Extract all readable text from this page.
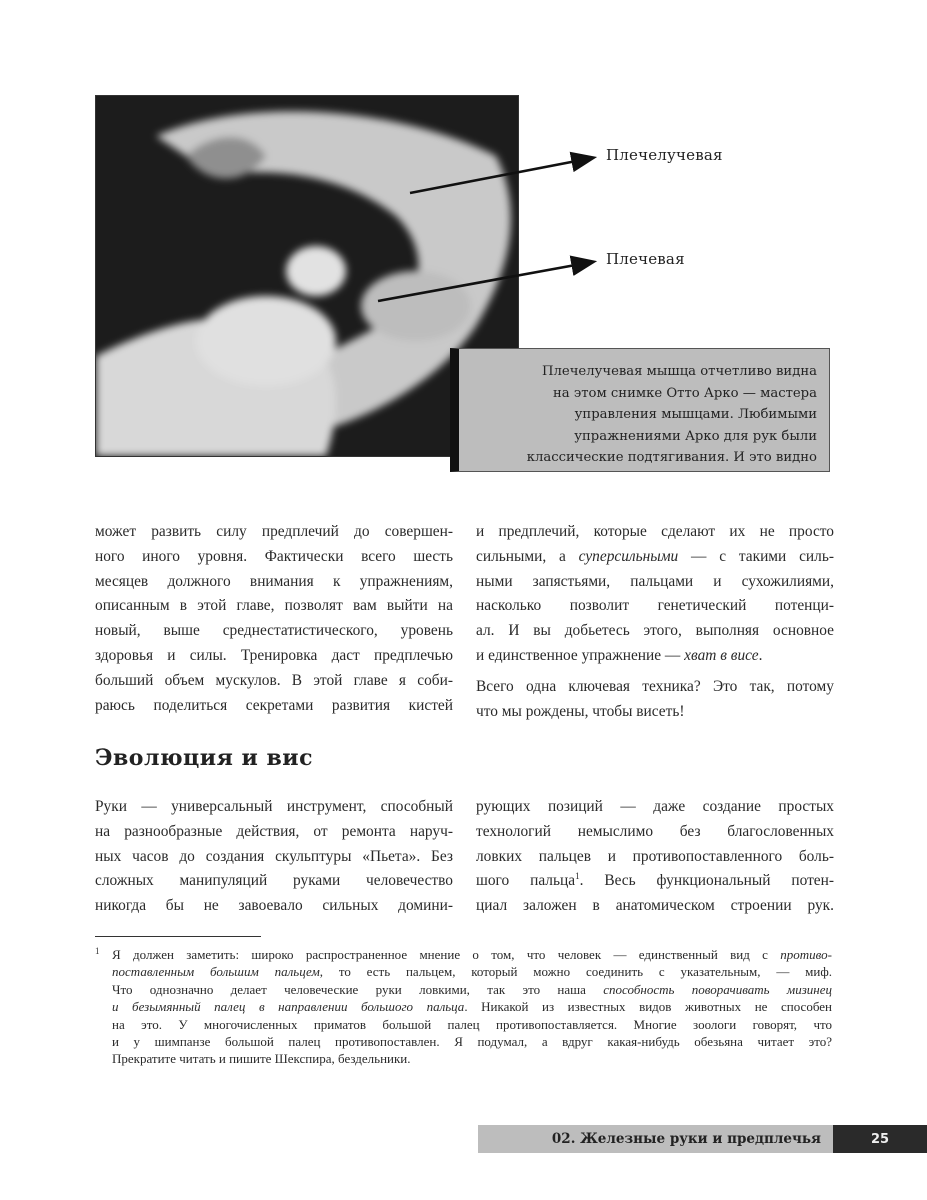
Плечелучевая
Плечевая
Плечелучевая мышца отчетливо видна
на этом снимке Отто Арко — мастера
управления мышцами. Любимыми
упражнениями Арко для рук были
классические подтягивания. И это видно
может развить силу предплечий до совершен-
ного иного уровня. Фактически всего шесть
месяцев должного внимания к упражнениям,
описанным в этой главе, позволят вам выйти на
новый, выше среднестатистического, уровень
здоровья и силы. Тренировка даст предплечью
больший объем мускулов. В этой главе я соби-
раюсь поделиться секретами развития кистей
и предплечий, которые сделают их не просто
сильными, а суперсильными — с такими силь-
ными запястьями, пальцами и сухожилиями,
насколько позволит генетический потенци-
ал. И вы добьетесь этого, выполняя основное
и единственное упражнение — хват в висе.
Всего одна ключевая техника? Это так, потому
что мы рождены, чтобы висеть!
Эволюция и вис
Руки — универсальный инструмент, способный
на разнообразные действия, от ремонта наруч-
ных часов до создания скульптуры «Пьета». Без
сложных манипуляций руками человечество
никогда бы не завоевало сильных домини-
рующих позиций — даже создание простых
технологий немыслимо без благословенных
ловких пальцев и противопоставленного боль-
шого пальца$^1$. Весь функциональный потен-
циал заложен в анатомическом строении рук.
1 Я должен заметить: широко распространенное мнение о том, что человек — единственный вид с противо-
поставленным большим пальцем, то есть пальцем, который можно соединить с указательным, — миф.
Что однозначно делает человеческие руки ловкими, так это наша способность поворачивать мизинец
и безымянный палец в направлении большого пальца. Никакой из известных видов животных не способен
на это. У многочисленных приматов большой палец противопоставляется. Многие зоологи говорят, что
и у шимпанзе большой палец противопоставлен. Я подумал, а вдруг какая-нибудь обезьяна читает это?
Прекратите читать и пишите Шекспира, бездельники.
02. Железные руки и предплечья	25
